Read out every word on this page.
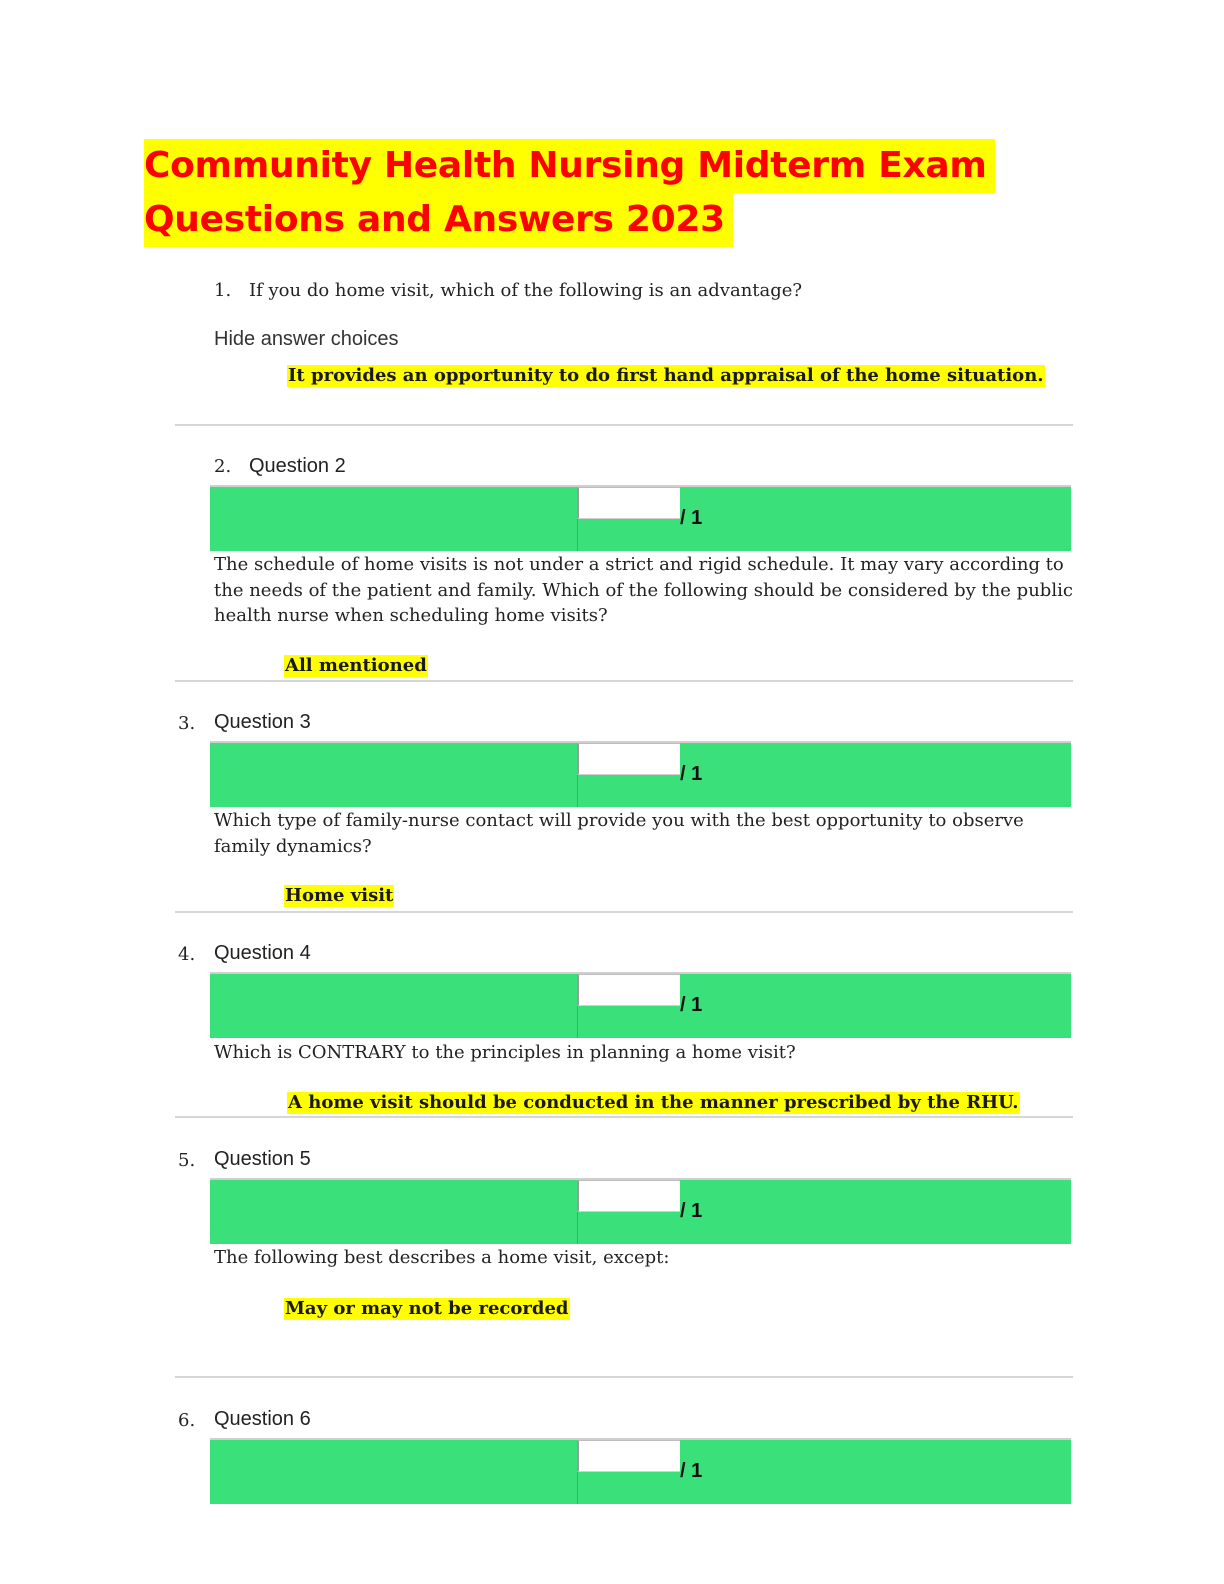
Community Health Nursing Midterm Exam
Questions and Answers 2023
1. If you do home visit, which of the following is an advantage?
Hide answer choices
It provides an opportunity to do first hand appraisal of the home situation.
2. Question 2
/ 1
The schedule of home visits is not under a strict and rigid schedule. It may vary according to the needs of the patient and family. Which of the following should be considered by the public health nurse when scheduling home visits?
All mentioned
3. Question 3
/ 1
Which type of family-nurse contact will provide you with the best opportunity to observe family dynamics?
Home visit
4. Question 4
/ 1
Which is CONTRARY to the principles in planning a home visit?
A home visit should be conducted in the manner prescribed by the RHU.
5. Question 5
/ 1
The following best describes a home visit, except:
May or may not be recorded
6. Question 6
/ 1
